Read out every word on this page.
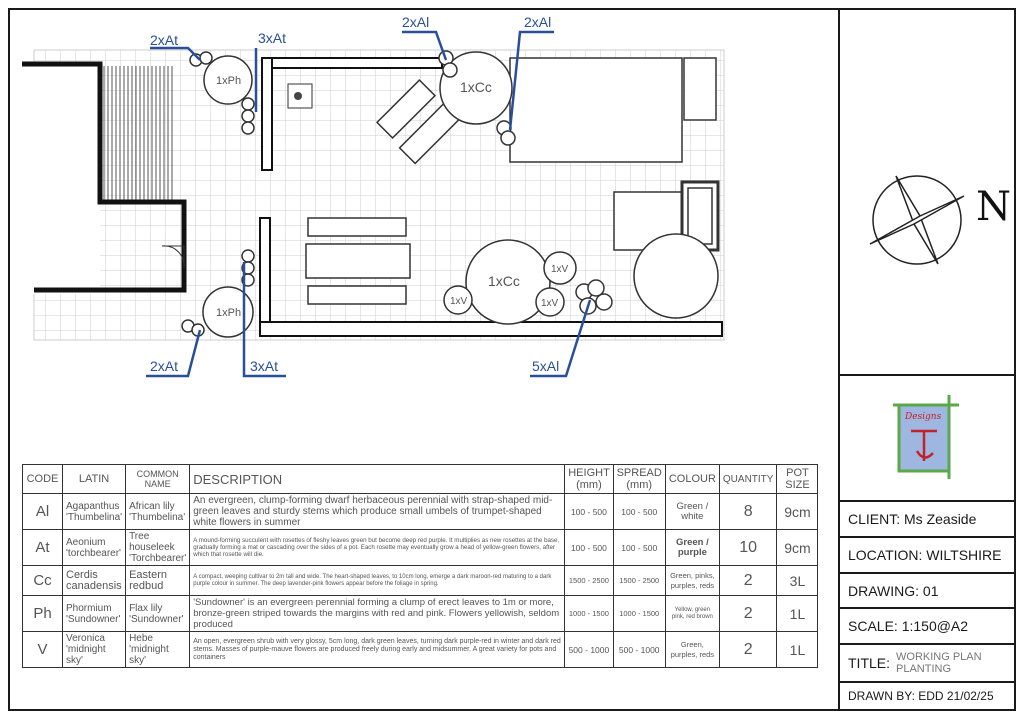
2xAt	3xAt
2xAl	2xAl
2xAt	3xAt	5xAl
1xPh	1xCc
1xPh
1xCc
1xV
1xV	1xV
CODE	LATIN	COMMON NAME	DESCRIPTION	HEIGHT (mm)	SPREAD (mm)	COLOUR	QUANTITY	POT SIZE
Al	Agapanthus 'Thumbelina'	African lily 'Thumbelina'	An evergreen, clump-forming dwarf herbaceous perennial with strap-shaped mid-green leaves and sturdy stems which produce small umbels of trumpet-shaped white flowers in summer	100 - 500	100 - 500	Green / white	8	9cm
At	Aeonium 'torchbearer'	Tree houseleek 'Torchbearer'	A mound-forming succulent with rosettes of fleshy leaves green but become deep red purple. It multiplies as new rosettes at the base, gradually forming a mat or cascading over the sides of a pot. Each rosette may eventually grow a head of yellow-green flowers, after which that rosette will die.	100 - 500	100 - 500	Green / purple	10	9cm
Cc	Cerdis canadensis	Eastern redbud	A compact, weeping cultivar to 2m tall and wide. The heart-shaped leaves, to 10cm long, emerge a dark maroon-red maturing to a dark purple colour in summer. The deep lavender-pink flowers appear before the foliage in spring.	1500 - 2500	1500 - 2500	Green, pinks, purples, reds	2	3L
Ph	Phormium 'Sundowner'	Flax lily 'Sundowner'	'Sundowner' is an evergreen perennial forming a clump of erect leaves to 1m or more, bronze-green striped towards the margins with red and pink. Flowers yellowish, seldom produced	1000 - 1500	1000 - 1500	Yellow, green pink, red brown	2	1L
V	Veronica 'midnight sky'	Hebe 'midnight sky'	An open, evergreen shrub with very glossy, 5cm long, dark green leaves, turning dark purple-red in winter and dark red stems. Masses of purple-mauve flowers are produced freely during early and midsummer. A great variety for pots and containers	500 - 1000	500 - 1000	Green, purples, reds	2	1L
N
Designs
CLIENT: Ms Zeaside
LOCATION: WILTSHIRE
DRAWING: 01
SCALE: 1:150@A2
TITLE: WORKING PLAN PLANTING
DRAWN BY: EDD 21/02/25
